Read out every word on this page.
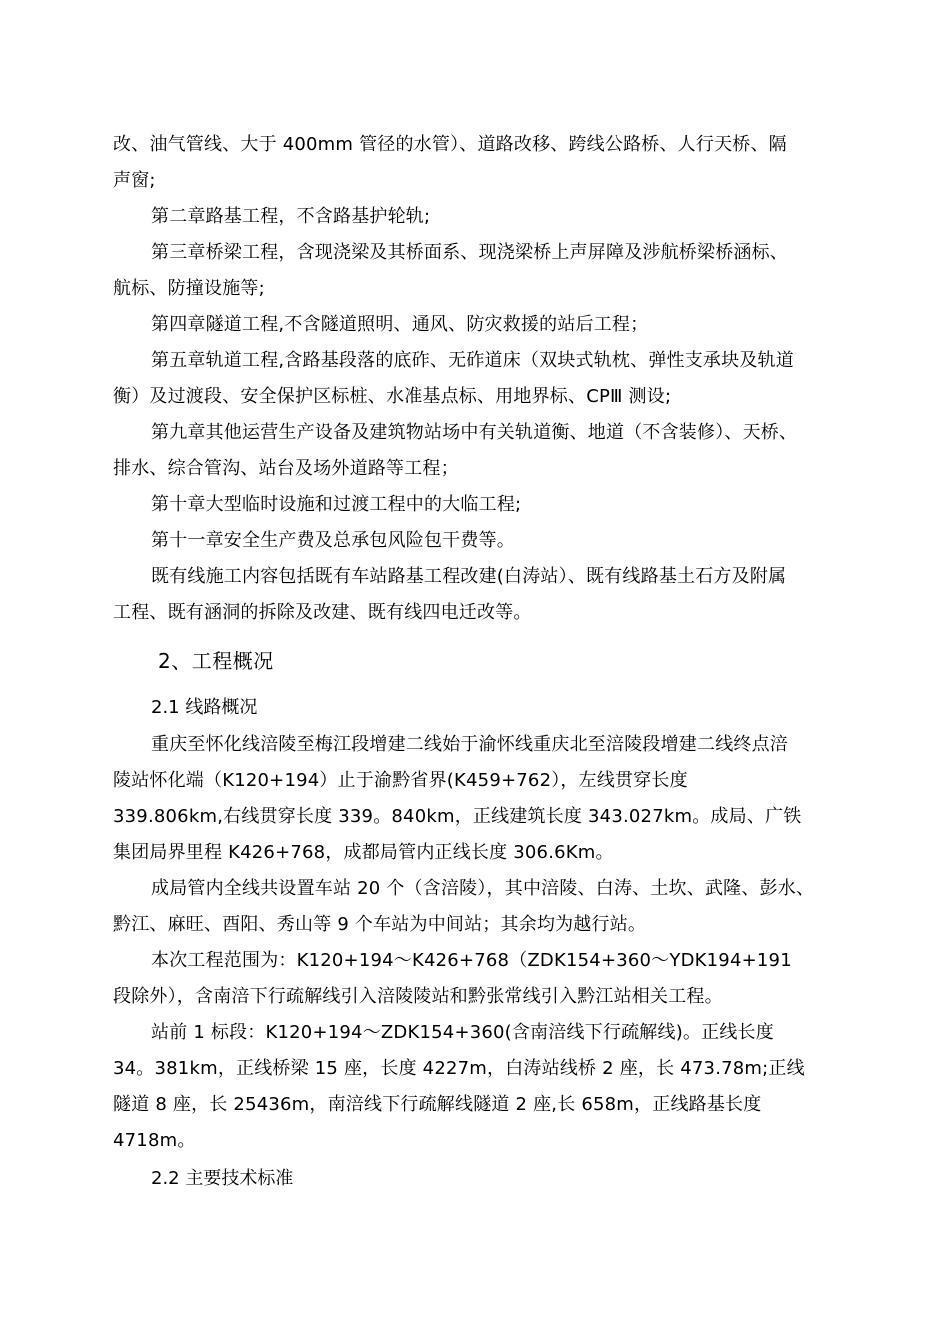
改、油气管线、大于 400mm 管径的水管）、道路改移、跨线公路桥、人行天桥、隔
声窗;
第二章路基工程，不含路基护轮轨;
第三章桥梁工程，含现浇梁及其桥面系、现浇梁桥上声屏障及涉航桥梁桥涵标、
航标、防撞设施等;
第四章隧道工程,不含隧道照明、通风、防灾救援的站后工程；
第五章轨道工程,含路基段落的底砟、无砟道床（双块式轨枕、弹性支承块及轨道
衡）及过渡段、安全保护区标桩、水准基点标、用地界标、CPⅢ 测设;
第九章其他运营生产设备及建筑物站场中有关轨道衡、地道（不含装修）、天桥、
排水、综合管沟、站台及场外道路等工程；
第十章大型临时设施和过渡工程中的大临工程;
第十一章安全生产费及总承包风险包干费等。
既有线施工内容包括既有车站路基工程改建(白涛站）、既有线路基土石方及附属
工程、既有涵洞的拆除及改建、既有线四电迁改等。
2、工程概况
2.1 线路概况
重庆至怀化线涪陵至梅江段增建二线始于渝怀线重庆北至涪陵段增建二线终点涪
陵站怀化端（K120+194）止于渝黔省界(K459+762），左线贯穿长度
339.806km,右线贯穿长度 339。840km，正线建筑长度 343.027km。成局、广铁
集团局界里程 K426+768，成都局管内正线长度 306.6Km。
成局管内全线共设置车站 20 个（含涪陵），其中涪陵、白涛、土坎、武隆、彭水、
黔江、麻旺、酉阳、秀山等 9 个车站为中间站；其余均为越行站。
本次工程范围为：K120+194～K426+768（ZDK154+360～YDK194+191
段除外），含南涪下行疏解线引入涪陵陵站和黔张常线引入黔江站相关工程。
站前 1 标段：K120+194～ZDK154+360(含南涪线下行疏解线)。正线长度
34。381km，正线桥梁 15 座，长度 4227m，白涛站线桥 2 座，长 473.78m;正线
隧道 8 座，长 25436m，南涪线下行疏解线隧道 2 座,长 658m，正线路基长度
4718m。
2.2 主要技术标准
